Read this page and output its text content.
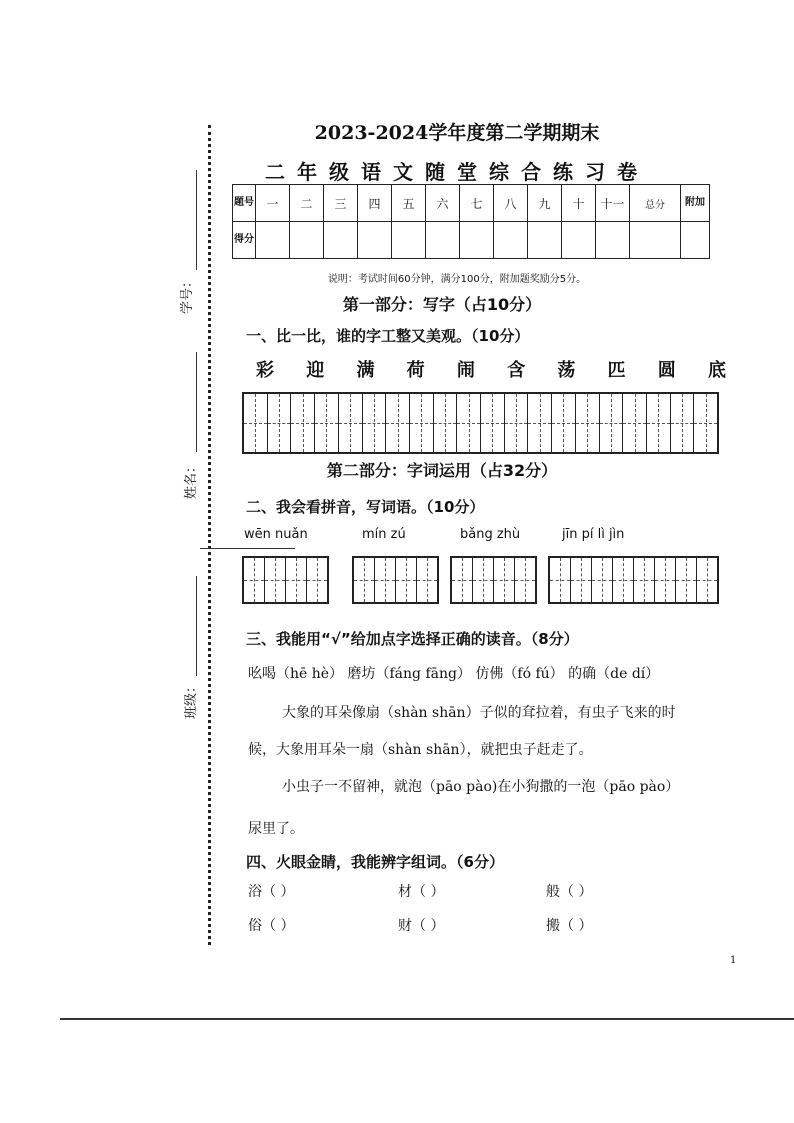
学号：
姓名：
班级：
2023-2024学年度第二学期期末
二年级语文随堂综合练习卷
题号	一	二	三	四	五	六	七	八	九	十	十一	总分	附加
得分													
说明：考试时间60分钟，满分100分，附加题奖励分5分。
第一部分：写字（占10分）
一、比一比，谁的字工整又美观。（10分）
彩 迎 满 荷 闹 含 荡 匹 圆 底
第二部分：字词运用（占32分）
二、我会看拼音，写词语。（10分）
wēn nuǎn	mín zú	bǎng zhù	jīn pí lì jìn
三、我能用“√”给加点字选择正确的读音。（8分）
吆喝（hē hè） 磨坊（fáng fāng） 仿佛（fó fú） 的确（de dí）
大象的耳朵像扇（shàn shān）子似的耷拉着，有虫子飞来的时
候，大象用耳朵一扇（shàn shān），就把虫子赶走了。
小虫子一不留神，就泡（pāo pào)在小狗撒的一泡（pāo pào）
尿里了。
四、火眼金睛，我能辨字组词。（6分）
浴（ ）	材（ ）	般（ ）
俗（ ）	财（ ）	搬（ ）
1
